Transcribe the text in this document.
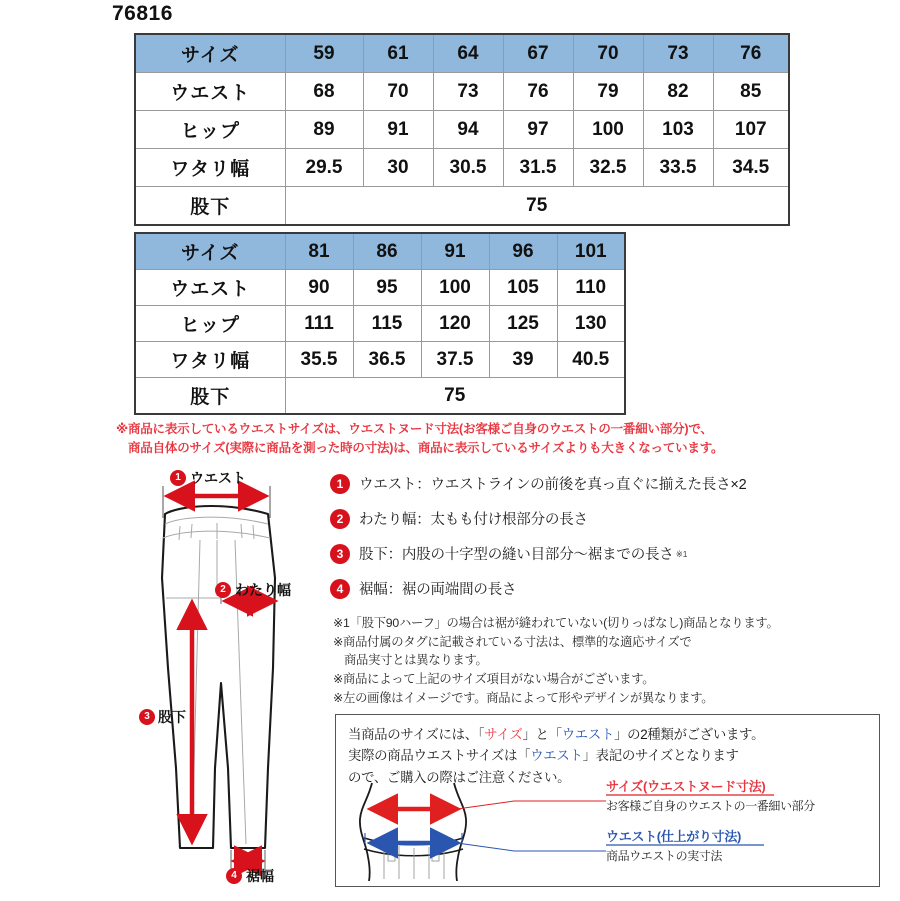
76816
サイズ	59	61	64	67	70	73	76
ウエスト	68	70	73	76	79	82	85
ヒップ	89	91	94	97	100	103	107
ワタリ幅	29.5	30	30.5	31.5	32.5	33.5	34.5
股下	75						
サイズ	81	86	91	96	101
ウエスト	90	95	100	105	110
ヒップ	111	115	120	125	130
ワタリ幅	35.5	36.5	37.5	39	40.5
股下	75				
※商品に表示しているウエストサイズは、ウエストヌード寸法(お客様ご自身のウエストの一番細い部分)で、
商品自体のサイズ(実際に商品を測った時の寸法)は、商品に表示しているサイズよりも大きくなっています。
1 ウエスト
2 わたり幅
3 股下
4 裾幅
1	ウエスト：ウエストラインの前後を真っ直ぐに揃えた長さ×2
2	わたり幅：太もも付け根部分の長さ
3	股下：内股の十字型の縫い目部分〜裾までの長さ $^{※1}$
4	裾幅：裾の両端間の長さ
※1「股下90ハーフ」の場合は裾が縫われていない(切りっぱなし)商品となります。
※商品付属のタグに記載されている寸法は、標準的な適応サイズで
商品実寸とは異なります。
※商品によって上記のサイズ項目がない場合がございます。
※左の画像はイメージです。商品によって形やデザインが異なります。
当商品のサイズには、「サイズ」と「ウエスト」の2種類がございます。
実際の商品ウエストサイズは「ウエスト」表記のサイズとなります
ので、ご購入の際はご注意ください。
サイズ(ウエストヌード寸法)
お客様ご自身のウエストの一番細い部分
ウエスト(仕上がり寸法)
商品ウエストの実寸法
